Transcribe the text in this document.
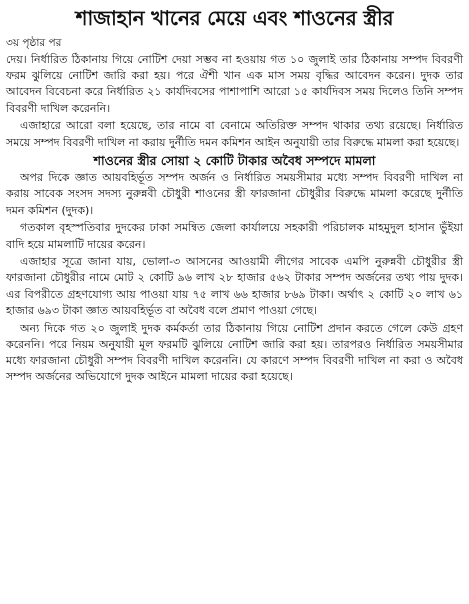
শাজাহান খানের মেয়ে এবং শাওনের স্ত্রীর
৩য় পৃষ্ঠার পর

দেয়। নির্ধারিত ঠিকানায় গিয়ে নোটিশ দেয়া সম্ভব না হওয়ায় গত ১০ জুলাই তার ঠিকানায় সম্পদ বিবরণী ফরম ঝুলিয়ে নোটিশ জারি করা হয়। পরে ঐশী খান এক মাস সময় বৃদ্ধির আবেদন করেন। দুদক তার আবেদন বিবেচনা করে নির্ধারিত ২১ কার্যদিবসের পাশাপাশি আরো ১৫ কার্যদিবস সময় দিলেও তিনি সম্পদ বিবরণী দাখিল করেননি।

এজাহারে আরো বলা হয়েছে, তার নামে বা বেনামে অতিরিক্ত সম্পদ থাকার তথ্য রয়েছে। নির্ধারিত সময়ে সম্পদ বিবরণী দাখিল না করায় দুর্নীতি দমন কমিশন আইন অনুযায়ী তার বিরুদ্ধে মামলা করা হয়েছে।

শাওনের স্ত্রীর সোয়া ২ কোটি টাকার অবৈধ সম্পদে মামলা

অপর দিকে জ্ঞাত আয়বহির্ভূত সম্পদ অর্জন ও নির্ধারিত সময়সীমার মধ্যে সম্পদ বিবরণী দাখিল না করায় সাবেক সংসদ সদস্য নুরুন্নবী চৌধুরী শাওনের স্ত্রী ফারজানা চৌধুরীর বিরুদ্ধে মামলা করেছে দুর্নীতি দমন কমিশন (দুদক)।

গতকাল বৃহস্পতিবার দুদকের ঢাকা সমন্বিত জেলা কার্যালয়ে সহকারী পরিচালক মাহমুদুল হাসান ভুঁইয়া বাদি হয়ে মামলাটি দায়ের করেন।

এজাহার সূত্রে জানা যায়, ভোলা-৩ আসনের আওয়ামী লীগের সাবেক এমপি নুরুন্নবী চৌধুরীর স্ত্রী ফারজানা চৌধুরীর নামে মোট ২ কোটি ৯৬ লাখ ২৮ হাজার ৫৬২ টাকার সম্পদ অর্জনের তথ্য পায় দুদক। এর বিপরীতে গ্রহণযোগ্য আয় পাওয়া যায় ৭৫ লাখ ৬৬ হাজার ৮৬৯ টাকা। অর্থাৎ ২ কোটি ২০ লাখ ৬১ হাজার ৬৯৩ টাকা জ্ঞাত আয়বহির্ভূত বা অবৈধ বলে প্রমাণ পাওয়া গেছে।

অন্য দিকে গত ২০ জুলাই দুদক কর্মকর্তা তার ঠিকানায় গিয়ে নোটিশ প্রদান করতে গেলে কেউ গ্রহণ করেননি। পরে নিয়ম অনুযায়ী মূল ফরমটি ঝুলিয়ে নোটিশ জারি করা হয়। তারপরও নির্ধারিত সময়সীমার মধ্যে ফারজানা চৌধুরী সম্পদ বিবরণী দাখিল করেননি। যে কারণে সম্পদ বিবরণী দাখিল না করা ও অবৈধ সম্পদ অর্জনের অভিযোগে দুদক আইনে মামলা দায়ের করা হয়েছে।
